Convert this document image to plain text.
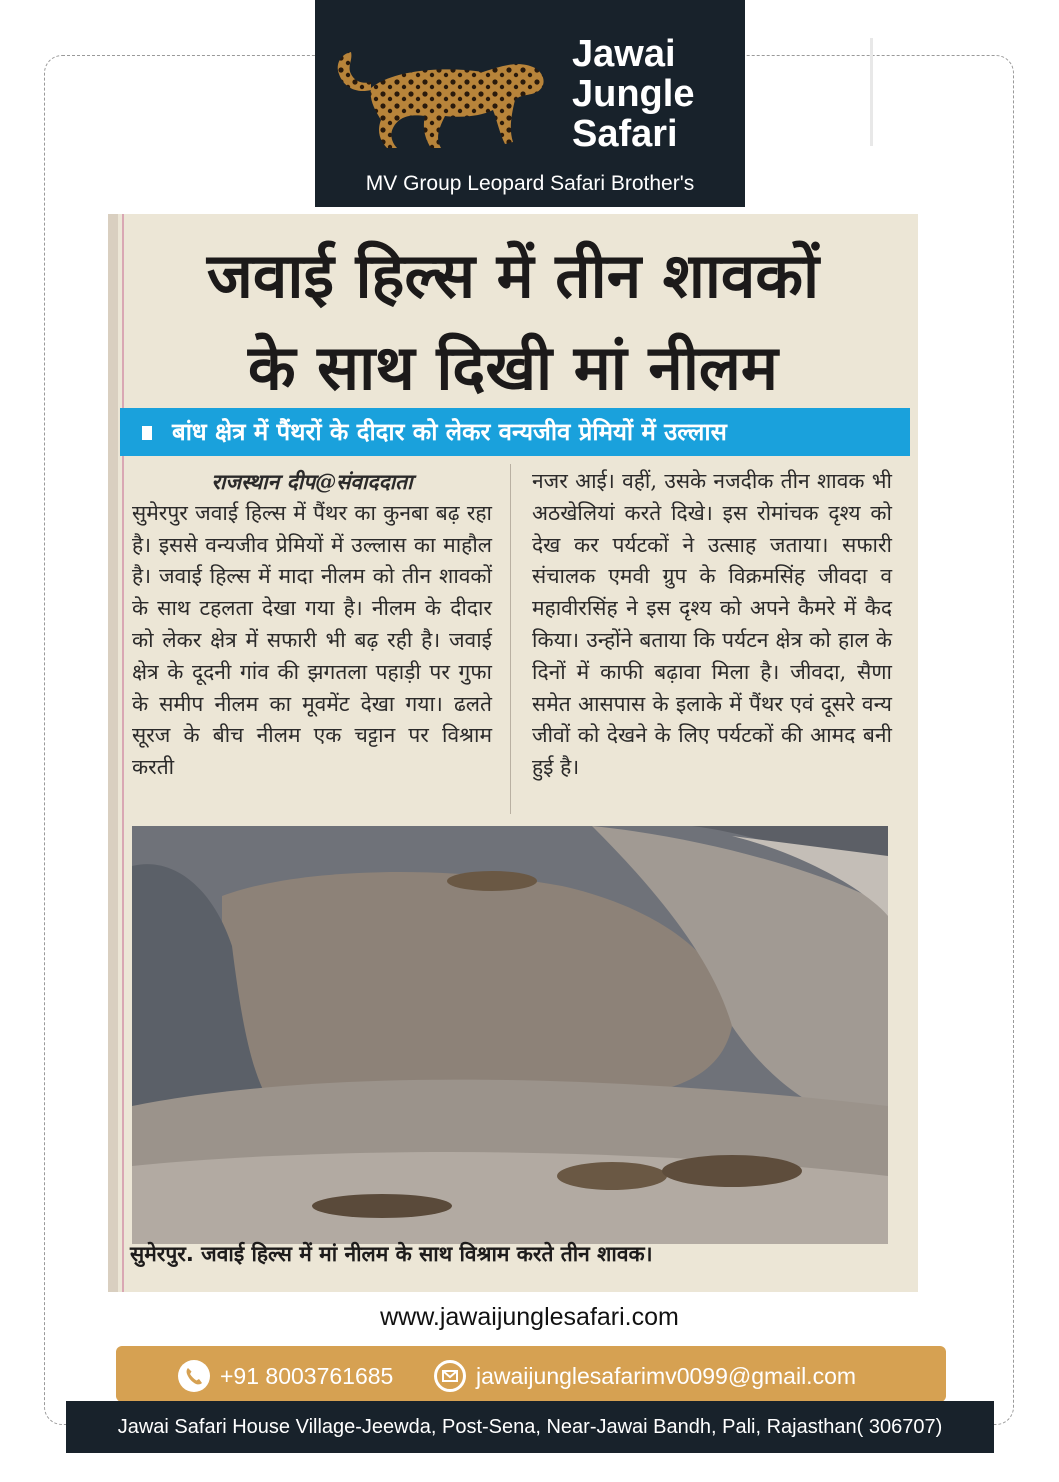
Jawai
Jungle
Safari
MV Group Leopard Safari Brother's
जवाई हिल्स में तीन शावकों
के साथ दिखी मां नीलम
बांध क्षेत्र में पैंथरों के दीदार को लेकर वन्यजीव प्रेमियों में उल्लास
राजस्थान दीप@संवाददाता
सुमेरपुर जवाई हिल्स में पैंथर का कुनबा बढ़ रहा है। इससे वन्यजीव प्रेमियों में उल्लास का माहौल है। जवाई हिल्स में मादा नीलम को तीन शावकों के साथ टहलता देखा गया है। नीलम के दीदार को लेकर क्षेत्र में सफारी भी बढ़ रही है। जवाई क्षेत्र के दूदनी गांव की झगतला पहाड़ी पर गुफा के समीप नीलम का मूवमेंट देखा गया। ढलते सूरज के बीच नीलम एक चट्टान पर विश्राम करती
नजर आई। वहीं, उसके नजदीक तीन शावक भी अठखेलियां करते दिखे। इस रोमांचक दृश्य को देख कर पर्यटकों ने उत्साह जताया। सफारी संचालक एमवी ग्रुप के विक्रमसिंह जीवदा व महावीरसिंह ने इस दृश्य को अपने कैमरे में कैद किया। उन्होंने बताया कि पर्यटन क्षेत्र को हाल के दिनों में काफी बढ़ावा मिला है। जीवदा, सैणा समेत आसपास के इलाके में पैंथर एवं दूसरे वन्य जीवों को देखने के लिए पर्यटकों की आमद बनी हुई है।
सुमेरपुर. जवाई हिल्स में मां नीलम के साथ विश्राम करते तीन शावक।
www.jawaijunglesafari.com
+91 8003761685	jawaijunglesafarimv0099@gmail.com
Jawai Safari House Village-Jeewda, Post-Sena, Near-Jawai Bandh, Pali, Rajasthan( 306707)
